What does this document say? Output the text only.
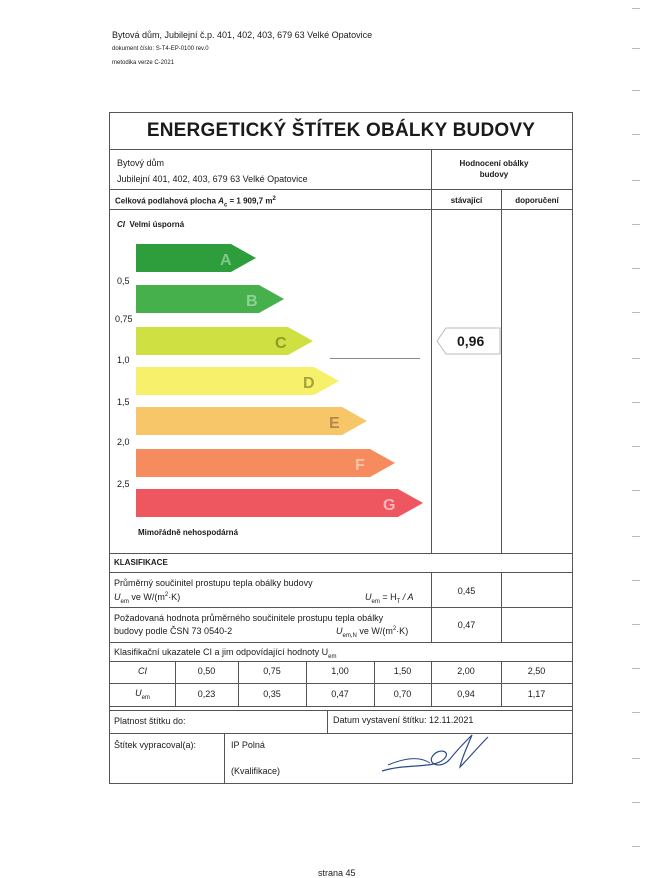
Bytová dům, Jubilejní č.p. 401, 402, 403, 679 63 Velké Opatovice
dokument číslo: S-T4-EP-0100 rev.0
metodika verze C-2021
ENERGETICKÝ ŠTÍTEK OBÁLKY BUDOVY
Bytový dům
Jubilejní 401, 402, 403, 679 63 Velké Opatovice
Celková podlahová plocha $A_c = 1$ 909,7 $m^2$
Hodnocení obálky budovy
stávající	doporučení
CI Velmi úsporná
A
B
C
D
E
F
G
0,5
0,75
1,0
1,5
2,0
2,5
0,96
Mimořádně nehospodárná
KLASIFIKACE
Průměrný součinitel prostupu tepla obálky budovy
$U_{em}$ ve $W/(m^2\cdot K)$	$U_{em} = H_T / A$
0,45
Požadovaná hodnota průměrného součinitele prostupu tepla obálky
budovy podle ČSN 73 0540-2	$U_{em,N}$ ve $W/(m^2\cdot K)$
0,47
Klasifikační ukazatele CI a jim odpovídající hodnoty $U_{em}$
CI	0,50	0,75	1,00	1,50	2,00	2,50
$U_{em}$	0,23	0,35	0,47	0,70	0,94	1,17
Platnost štítku do:	Datum vystavení štítku: 12.11.2021
Štítek vypracoval(a):	IP Polná
(Kvalifikace)
strana 45
